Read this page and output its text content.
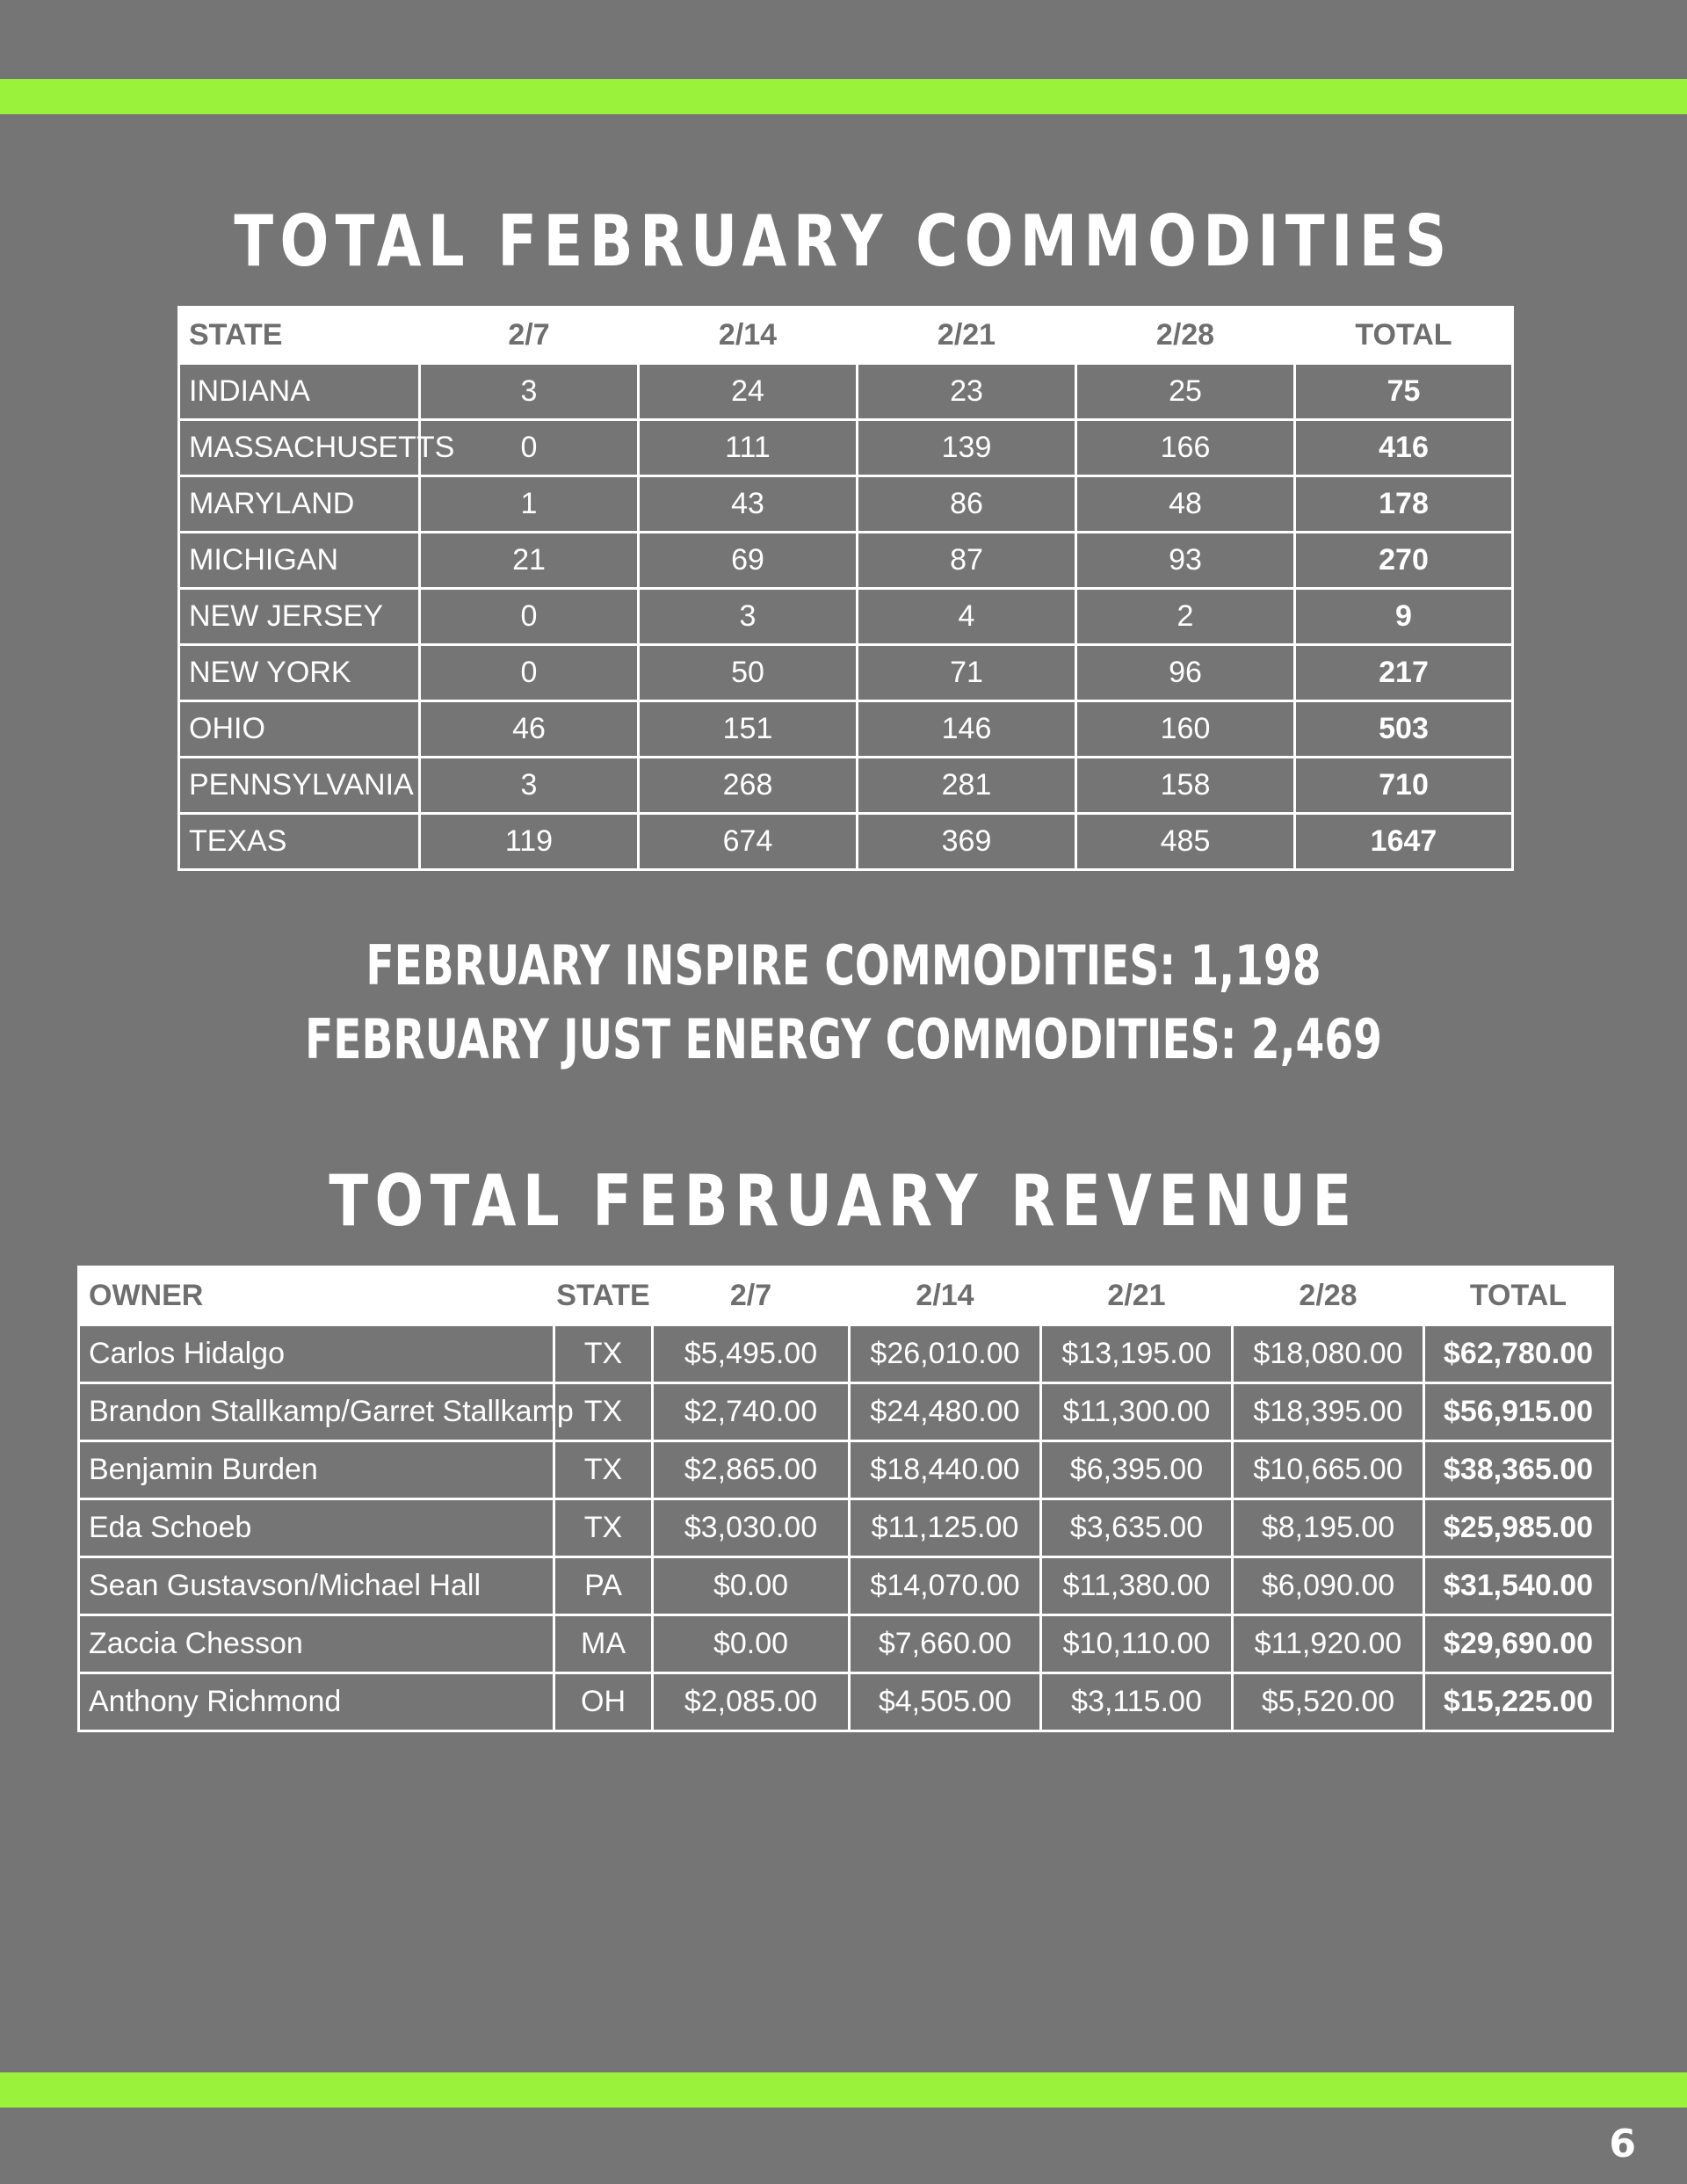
TOTAL FEBRUARY COMMODITIES
STATE	2/7	2/14	2/21	2/28	TOTAL
INDIANA	3	24	23	25	75
MASSACHUSETTS	0	111	139	166	416
MARYLAND	1	43	86	48	178
MICHIGAN	21	69	87	93	270
NEW JERSEY	0	3	4	2	9
NEW YORK	0	50	71	96	217
OHIO	46	151	146	160	503
PENNSYLVANIA	3	268	281	158	710
TEXAS	119	674	369	485	1647
FEBRUARY INSPIRE COMMODITIES: 1,198
FEBRUARY JUST ENERGY COMMODITIES: 2,469
TOTAL FEBRUARY REVENUE
OWNER	STATE	2/7	2/14	2/21	2/28	TOTAL
Carlos Hidalgo	TX	$5,495.00	$26,010.00	$13,195.00	$18,080.00	$62,780.00
Brandon Stallkamp/Garret Stallkamp	TX	$2,740.00	$24,480.00	$11,300.00	$18,395.00	$56,915.00
Benjamin Burden	TX	$2,865.00	$18,440.00	$6,395.00	$10,665.00	$38,365.00
Eda Schoeb	TX	$3,030.00	$11,125.00	$3,635.00	$8,195.00	$25,985.00
Sean Gustavson/Michael Hall	PA	$0.00	$14,070.00	$11,380.00	$6,090.00	$31,540.00
Zaccia Chesson	MA	$0.00	$7,660.00	$10,110.00	$11,920.00	$29,690.00
Anthony Richmond	OH	$2,085.00	$4,505.00	$3,115.00	$5,520.00	$15,225.00
6
